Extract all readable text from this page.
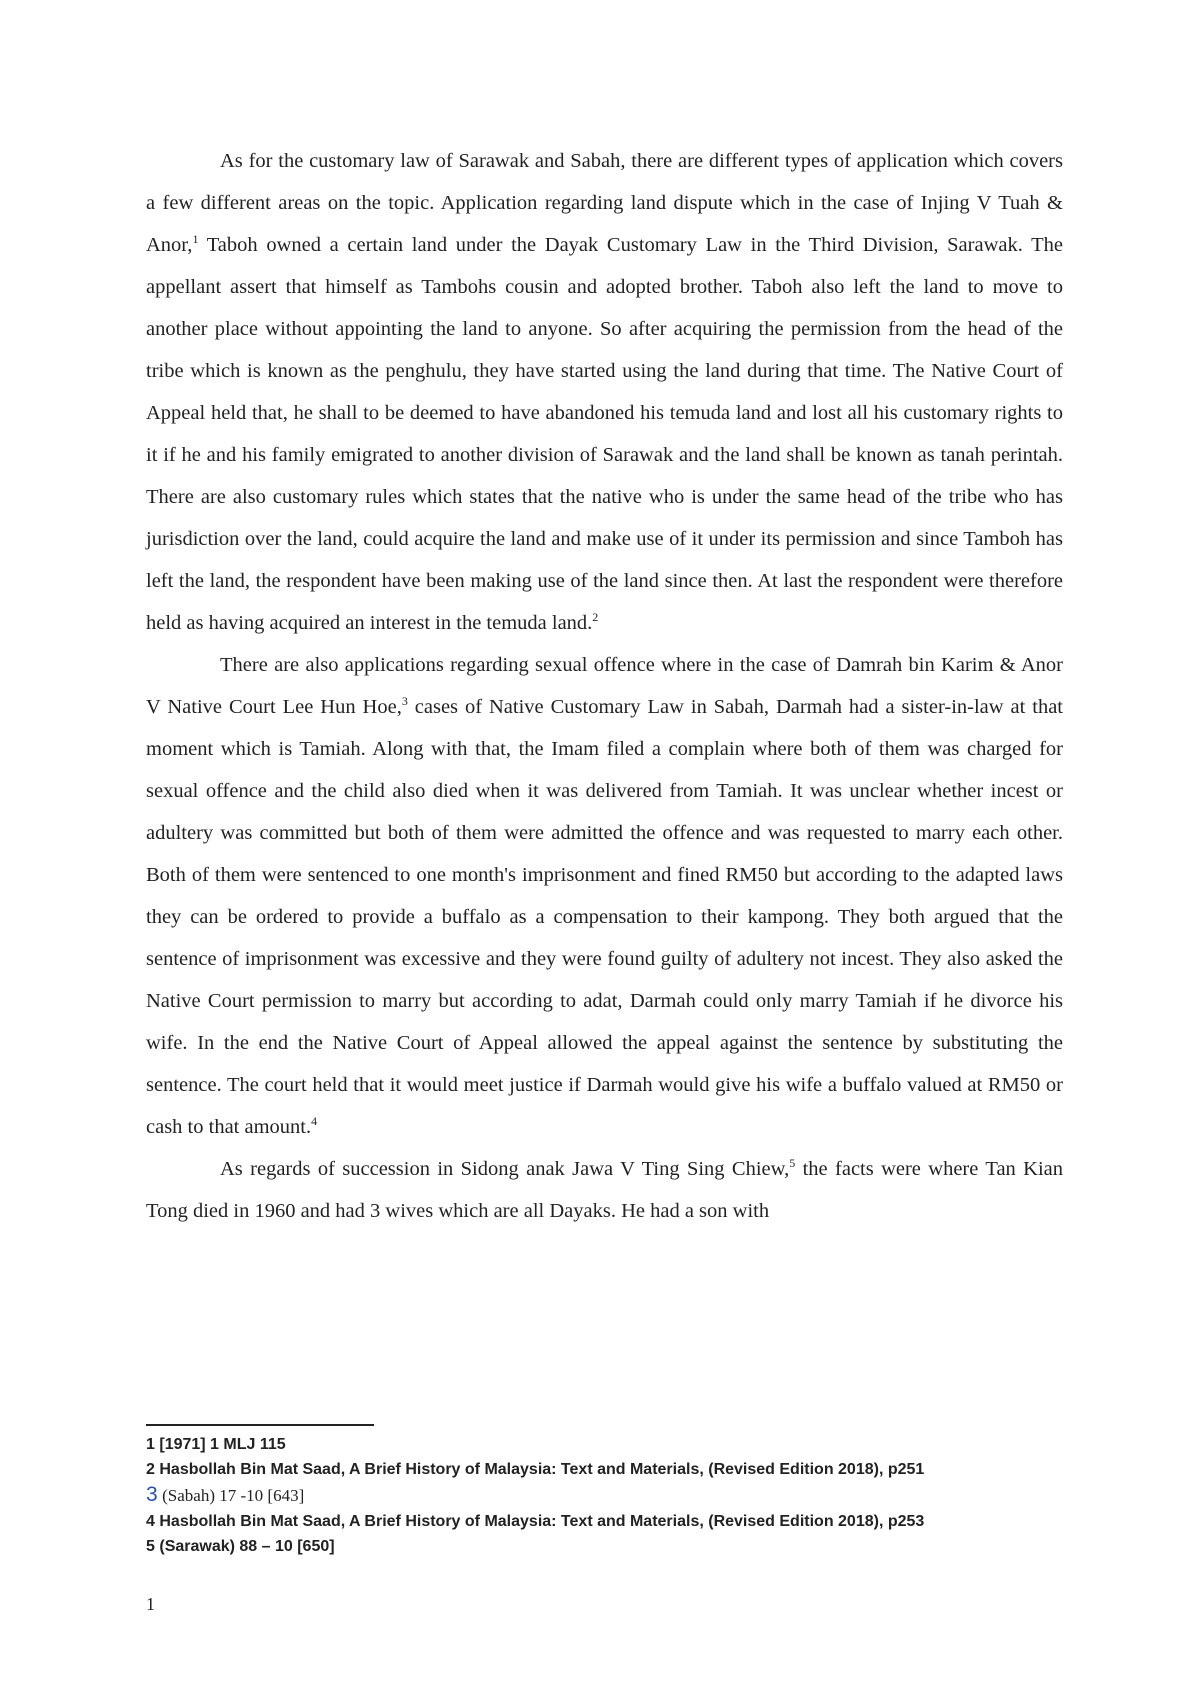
As for the customary law of Sarawak and Sabah, there are different types of application which covers a few different areas on the topic. Application regarding land dispute which in the case of Injing V Tuah & Anor,$^1$ Taboh owned a certain land under the Dayak Customary Law in the Third Division, Sarawak. The appellant assert that himself as Tambohs cousin and adopted brother. Taboh also left the land to move to another place without appointing the land to anyone. So after acquiring the permission from the head of the tribe which is known as the penghulu, they have started using the land during that time. The Native Court of Appeal held that, he shall to be deemed to have abandoned his temuda land and lost all his customary rights to it if he and his family emigrated to another division of Sarawak and the land shall be known as tanah perintah. There are also customary rules which states that the native who is under the same head of the tribe who has jurisdiction over the land, could acquire the land and make use of it under its permission and since Tamboh has left the land, the respondent have been making use of the land since then. At last the respondent were therefore held as having acquired an interest in the temuda land.$^2$

There are also applications regarding sexual offence where in the case of Damrah bin Karim & Anor V Native Court Lee Hun Hoe,$^3$ cases of Native Customary Law in Sabah, Darmah had a sister-in-law at that moment which is Tamiah. Along with that, the Imam filed a complain where both of them was charged for sexual offence and the child also died when it was delivered from Tamiah. It was unclear whether incest or adultery was committed but both of them were admitted the offence and was requested to marry each other. Both of them were sentenced to one month's imprisonment and fined RM50 but according to the adapted laws they can be ordered to provide a buffalo as a compensation to their kampong. They both argued that the sentence of imprisonment was excessive and they were found guilty of adultery not incest. They also asked the Native Court permission to marry but according to adat, Darmah could only marry Tamiah if he divorce his wife. In the end the Native Court of Appeal allowed the appeal against the sentence by substituting the sentence. The court held that it would meet justice if Darmah would give his wife a buffalo valued at RM50 or cash to that amount.$^4$

As regards of succession in Sidong anak Jawa V Ting Sing Chiew,$^5$ the facts were where Tan Kian Tong died in 1960 and had 3 wives which are all Dayaks. He had a son with

1 [1971] 1 MLJ 115
2 Hasbollah Bin Mat Saad, A Brief History of Malaysia: Text and Materials, (Revised Edition 2018), p251
3 (Sabah) 17 -10 [643]
4 Hasbollah Bin Mat Saad, A Brief History of Malaysia: Text and Materials, (Revised Edition 2018), p253
5 (Sarawak) 88 – 10 [650]
1
